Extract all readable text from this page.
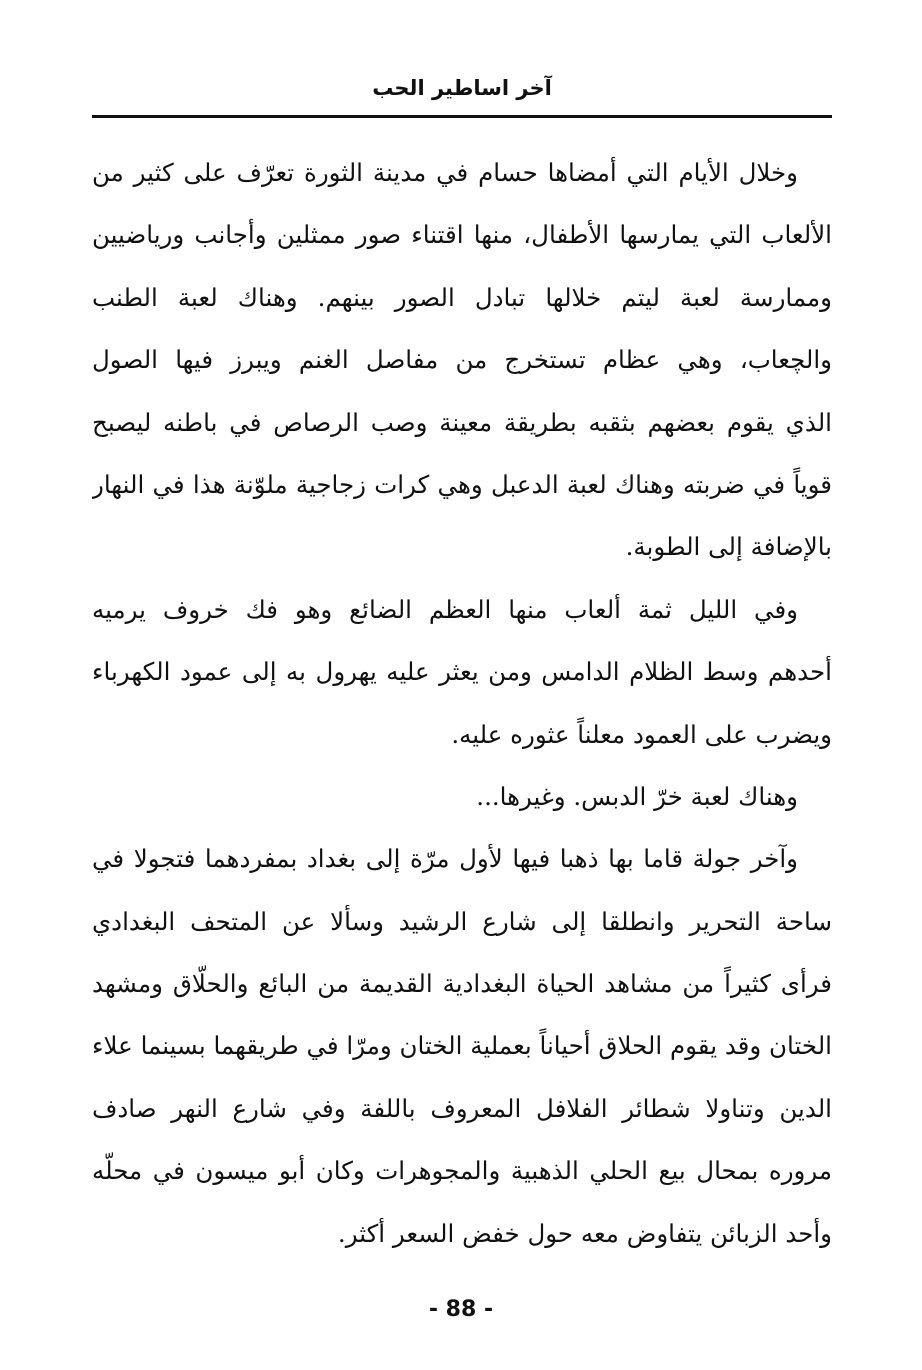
آخر اساطير الحب
وخلال الأيام التي أمضاها حسام في مدينة الثورة تعرّف على كثير من
الألعاب التي يمارسها الأطفال، منها اقتناء صور ممثلين وأجانب ورياضيين
وممارسة لعبة ليتم خلالها تبادل الصور بينهم. وهناك لعبة الطنب
والچعاب، وهي عظام تستخرج من مفاصل الغنم ويبرز فيها الصول
الذي يقوم بعضهم بثقبه بطريقة معينة وصب الرصاص في باطنه ليصبح
قوياً في ضربته وهناك لعبة الدعبل وهي كرات زجاجية ملوّنة هذا في النهار
بالإضافة إلى الطوبة.
وفي الليل ثمة ألعاب منها العظم الضائع وهو فك خروف يرميه
أحدهم وسط الظلام الدامس ومن يعثر عليه يهرول به إلى عمود الكهرباء
ويضرب على العمود معلناً عثوره عليه.
وهناك لعبة خرّ الدبس. وغيرها...
وآخر جولة قاما بها ذهبا فيها لأول مرّة إلى بغداد بمفردهما فتجولا في
ساحة التحرير وانطلقا إلى شارع الرشيد وسألا عن المتحف البغدادي
فرأى كثيراً من مشاهد الحياة البغدادية القديمة من البائع والحلّاق ومشهد
الختان وقد يقوم الحلاق أحياناً بعملية الختان ومرّا في طريقهما بسينما علاء
الدين وتناولا شطائر الفلافل المعروف باللفة وفي شارع النهر صادف
مروره بمحال بيع الحلي الذهبية والمجوهرات وكان أبو ميسون في محلّه
وأحد الزبائن يتفاوض معه حول خفض السعر أكثر.
- 88 -
